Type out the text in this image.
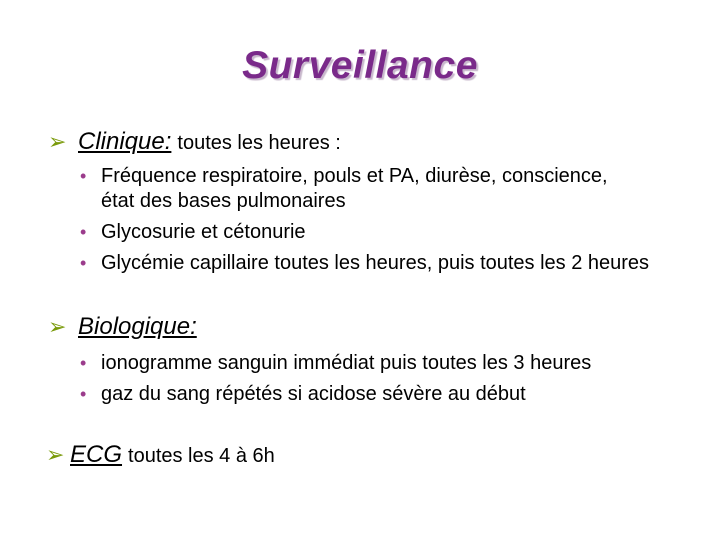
Surveillance
➢ Clinique: toutes les heures :
• Fréquence respiratoire, pouls et PA, diurèse, conscience, état des bases pulmonaires
• Glycosurie et cétonurie
• Glycémie capillaire toutes les heures, puis toutes les 2 heures
➢ Biologique:
• ionogramme sanguin immédiat puis toutes les 3 heures
• gaz du sang répétés si acidose sévère au début
➢ ECG toutes les 4 à 6h
